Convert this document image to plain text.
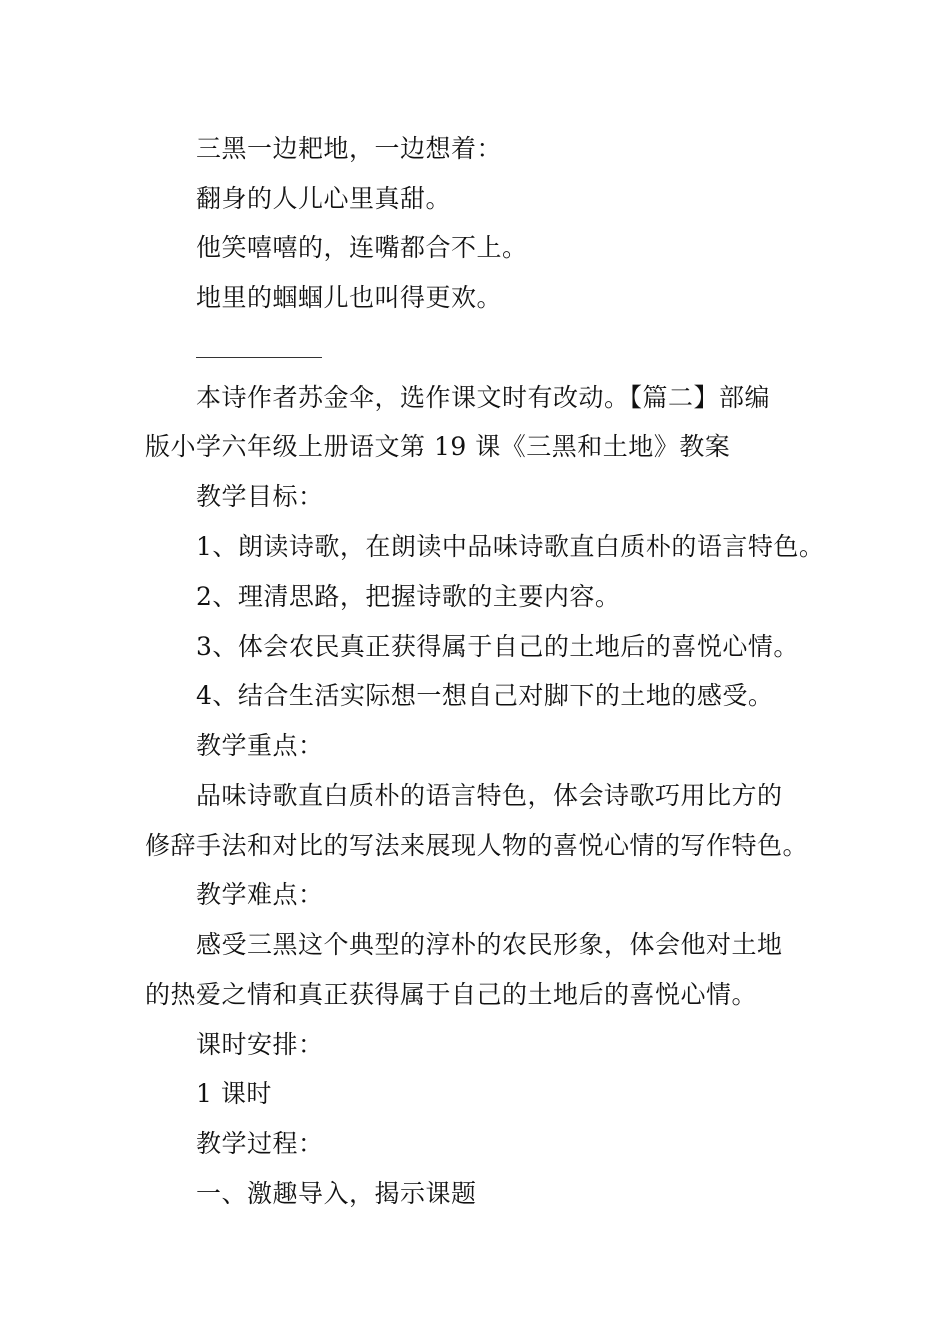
三黑一边耙地，一边想着：
翻身的人儿心里真甜。
他笑嘻嘻的，连嘴都合不上。
地里的蝈蝈儿也叫得更欢。
本诗作者苏金伞，选作课文时有改动。【篇二】部编
版小学六年级上册语文第 19 课《三黑和土地》教案
教学目标：
1、朗读诗歌，在朗读中品味诗歌直白质朴的语言特色。
2、理清思路，把握诗歌的主要内容。
3、体会农民真正获得属于自己的土地后的喜悦心情。
4、结合生活实际想一想自己对脚下的土地的感受。
教学重点：
品味诗歌直白质朴的语言特色，体会诗歌巧用比方的
修辞手法和对比的写法来展现人物的喜悦心情的写作特色。
教学难点：
感受三黑这个典型的淳朴的农民形象，体会他对土地
的热爱之情和真正获得属于自己的土地后的喜悦心情。
课时安排：
1 课时
教学过程：
一、激趣导入，揭示课题
